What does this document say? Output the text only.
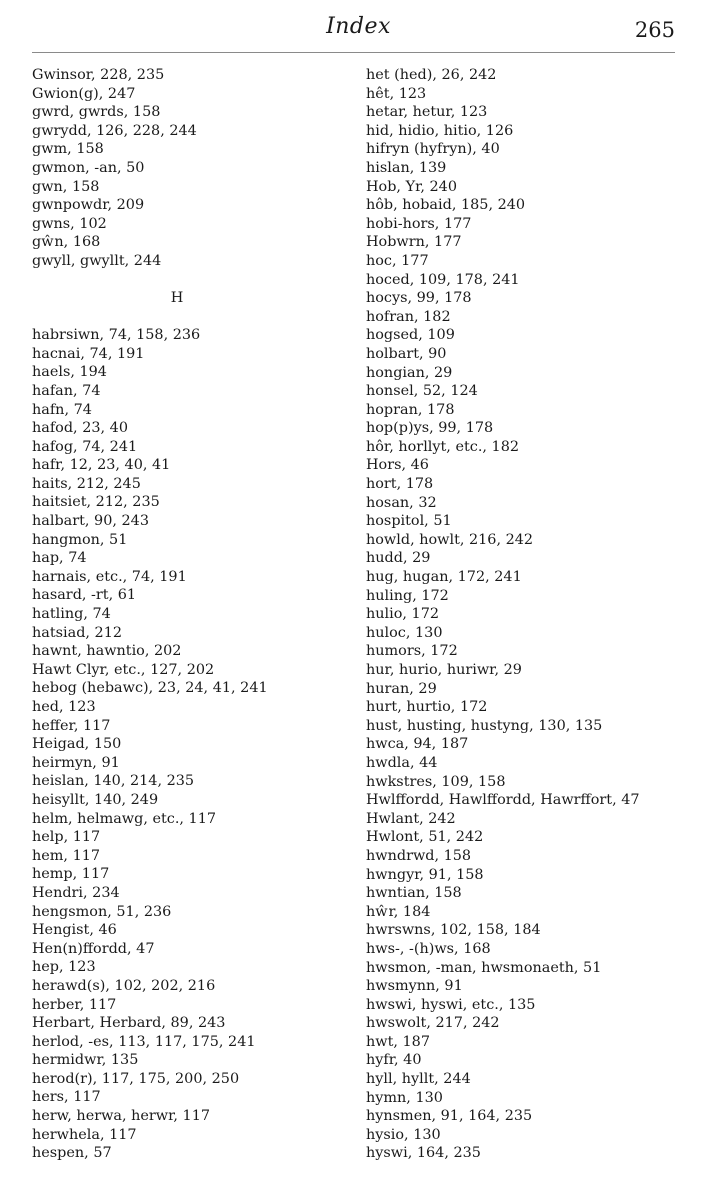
Index	265
Gwinsor, 228, 235
Gwion(g), 247
gwrd, gwrds, 158
gwrydd, 126, 228, 244
gwm, 158
gwmon, -an, 50
gwn, 158
gwnpowdr, 209
gwns, 102
gŵn, 168
gwyll, gwyllt, 244
H
habrsiwn, 74, 158, 236
hacnai, 74, 191
haels, 194
hafan, 74
hafn, 74
hafod, 23, 40
hafog, 74, 241
hafr, 12, 23, 40, 41
haits, 212, 245
haitsiet, 212, 235
halbart, 90, 243
hangmon, 51
hap, 74
harnais, etc., 74, 191
hasard, -rt, 61
hatling, 74
hatsiad, 212
hawnt, hawntio, 202
Hawt Clyr, etc., 127, 202
hebog (hebawc), 23, 24, 41, 241
hed, 123
heffer, 117
Heigad, 150
heirmyn, 91
heislan, 140, 214, 235
heisyllt, 140, 249
helm, helmawg, etc., 117
help, 117
hem, 117
hemp, 117
Hendri, 234
hengsmon, 51, 236
Hengist, 46
Hen(n)ffordd, 47
hep, 123
herawd(s), 102, 202, 216
herber, 117
Herbart, Herbard, 89, 243
herlod, -es, 113, 117, 175, 241
hermidwr, 135
herod(r), 117, 175, 200, 250
hers, 117
herw, herwa, herwr, 117
herwhela, 117
hespen, 57
het (hed), 26, 242
hêt, 123
hetar, hetur, 123
hid, hidio, hitio, 126
hifryn (hyfryn), 40
hislan, 139
Hob, Yr, 240
hôb, hobaid, 185, 240
hobi-hors, 177
Hobwrn, 177
hoc, 177
hoced, 109, 178, 241
hocys, 99, 178
hofran, 182
hogsed, 109
holbart, 90
hongian, 29
honsel, 52, 124
hopran, 178
hop(p)ys, 99, 178
hôr, horllyt, etc., 182
Hors, 46
hort, 178
hosan, 32
hospitol, 51
howld, howlt, 216, 242
hudd, 29
hug, hugan, 172, 241
huling, 172
hulio, 172
huloc, 130
humors, 172
hur, hurio, huriwr, 29
huran, 29
hurt, hurtio, 172
hust, husting, hustyng, 130, 135
hwca, 94, 187
hwdla, 44
hwkstres, 109, 158
Hwlffordd, Hawlffordd, Hawrffort, 47
Hwlant, 242
Hwlont, 51, 242
hwndrwd, 158
hwngyr, 91, 158
hwntian, 158
hŵr, 184
hwrswns, 102, 158, 184
hws-, -(h)ws, 168
hwsmon, -man, hwsmonaeth, 51
hwsmynn, 91
hwswi, hyswi, etc., 135
hwswolt, 217, 242
hwt, 187
hyfr, 40
hyll, hyllt, 244
hymn, 130
hynsmen, 91, 164, 235
hysio, 130
hyswi, 164, 235
